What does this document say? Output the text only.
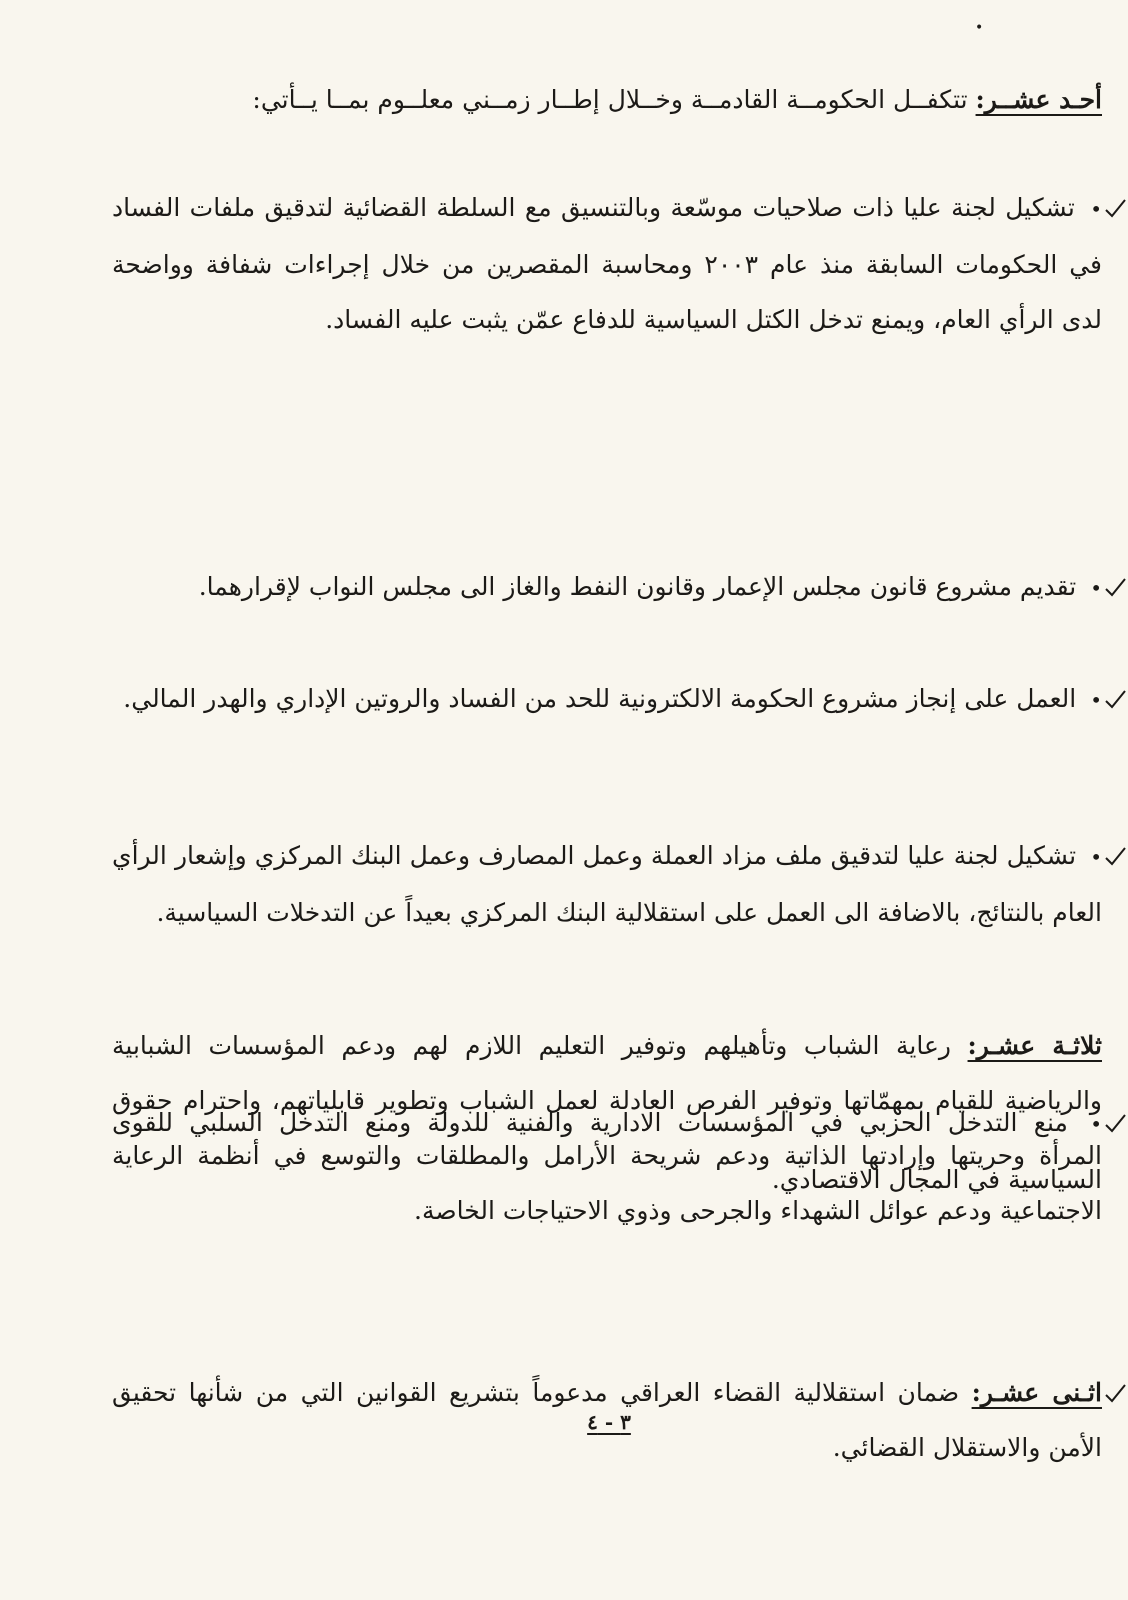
•
أحـد عشــر: تتكفــل الحكومــة القادمــة وخــلال إطــار زمــني معلــوم بمــا يــأتي:
• تشكيل لجنة عليا ذات صلاحيات موسّعة وبالتنسيق مع السلطة القضائية لتدقيق ملفات الفساد في الحكومات السابقة منذ عام ٢٠٠٣ ومحاسبة المقصرين من خلال إجراءات شفافة وواضحة لدى الرأي العام، ويمنع تدخل الكتل السياسية للدفاع عمّن يثبت عليه الفساد.
• تقديم مشروع قانون مجلس الإعمار وقانون النفط والغاز الى مجلس النواب لإقرارهما.
• العمل على إنجاز مشروع الحكومة الالكترونية للحد من الفساد والروتين الإداري والهدر المالي.
• تشكيل لجنة عليا لتدقيق ملف مزاد العملة وعمل المصارف وعمل البنك المركزي وإشعار الرأي العام بالنتائج، بالاضافة الى العمل على استقلالية البنك المركزي بعيداً عن التدخلات السياسية.
• منع التدخل الحزبي في المؤسسات الادارية والفنية للدولة ومنع التدخل السلبي للقوى السياسية في المجال الاقتصادي.
اثـنى عشـر: ضمان استقلالية القضاء العراقي مدعوماً بتشريع القوانين التي من شأنها تحقيق الأمن والاستقلال القضائي.
ثلاثـة عشـر: رعاية الشباب وتأهيلهم وتوفير التعليم اللازم لهم ودعم المؤسسات الشبابية والرياضية للقيام بمهمّاتها وتوفير الفرص العادلة لعمل الشباب وتطوير قابلياتهم، واحترام حقوق المرأة وحريتها وإرادتها الذاتية ودعم شريحة الأرامل والمطلقات والتوسع في أنظمة الرعاية الاجتماعية ودعم عوائل الشهداء والجرحى وذوي الاحتياجات الخاصة.
٣ - ٤
